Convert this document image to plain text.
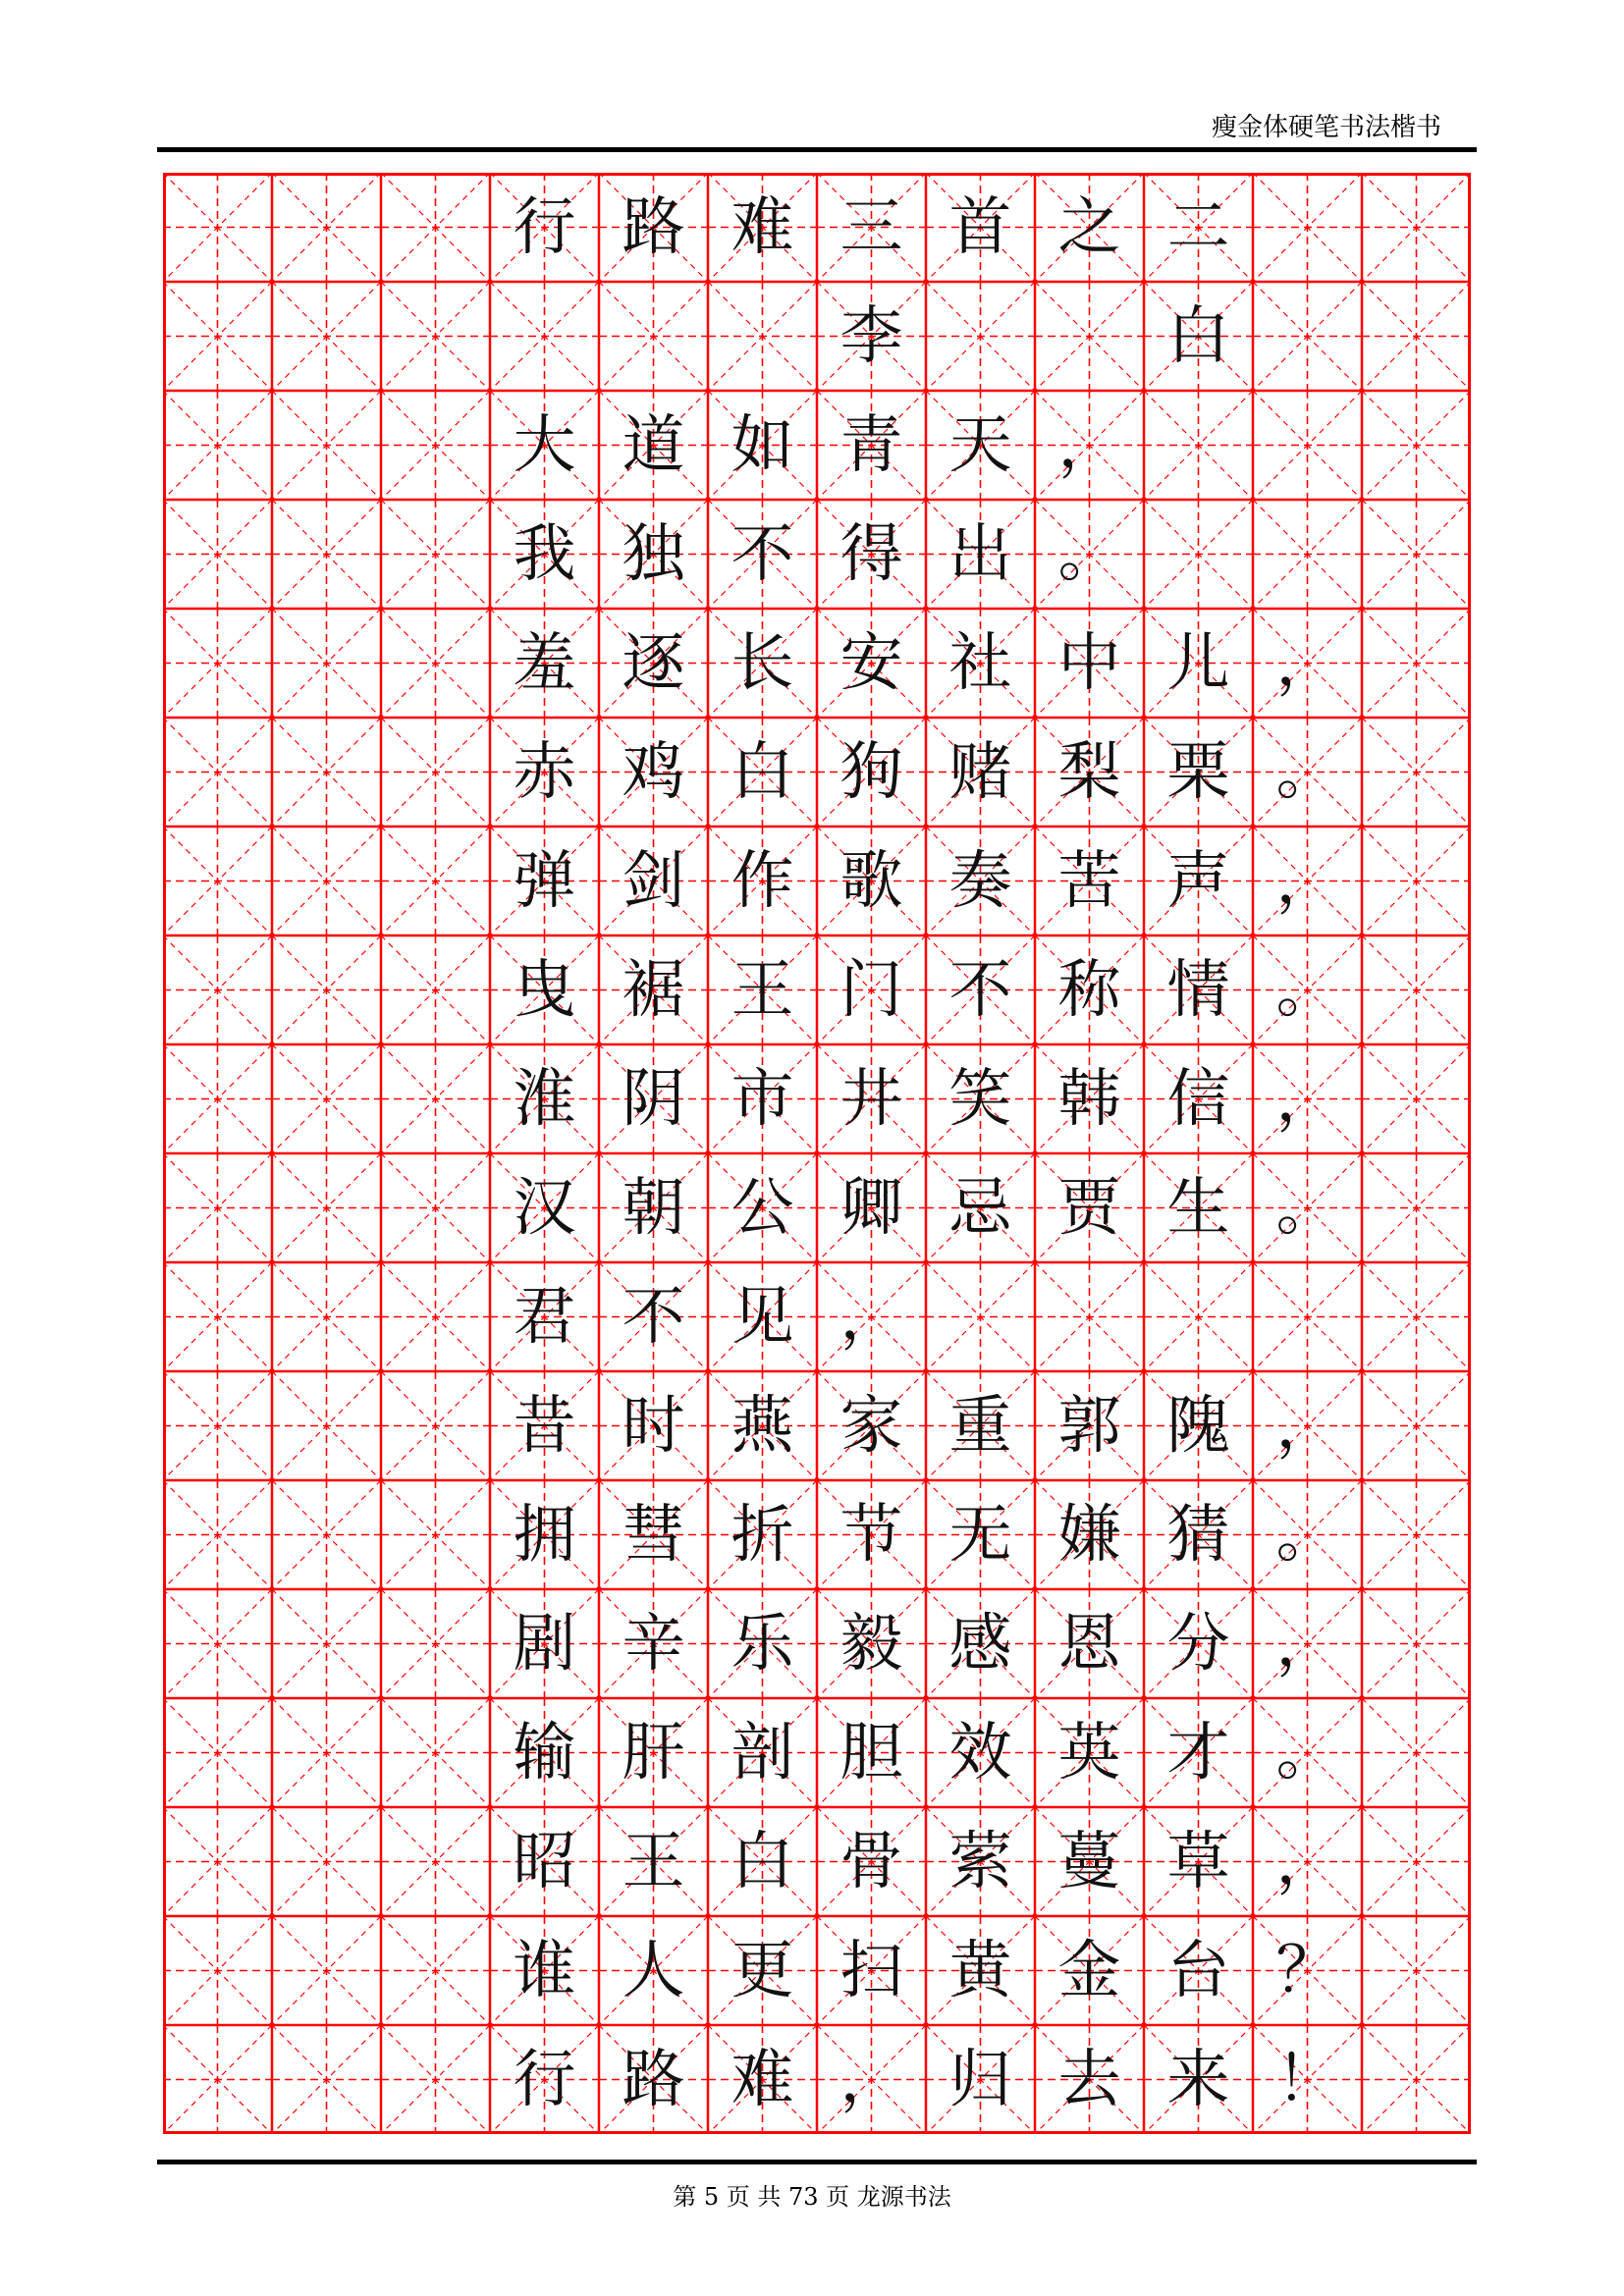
瘦金体硬笔书法楷书
行 路 难 三 首 之 二
李	白
大 道 如 青 天 ，
我 独 不 得 出 。
羞 逐 长 安 社 中 儿 ，
赤 鸡 白 狗 赌 梨 栗 。
弹 剑 作 歌 奏 苦 声 ，
曳 裾 王 门 不 称 情 。
淮 阴 市 井 笑 韩 信 ，
汉 朝 公 卿 忌 贾 生 。
君 不 见 ，
昔 时 燕 家 重 郭 隗 ，
拥 彗 折 节 无 嫌 猜 。
剧 辛 乐 毅 感 恩 分 ，
输 肝 剖 胆 效 英 才 。
昭 王 白 骨 萦 蔓 草 ，
谁 人 更 扫 黄 金 台 ？
行 路 难 ， 归 去 来 ！
第 5 页 共 73 页 龙源书法
